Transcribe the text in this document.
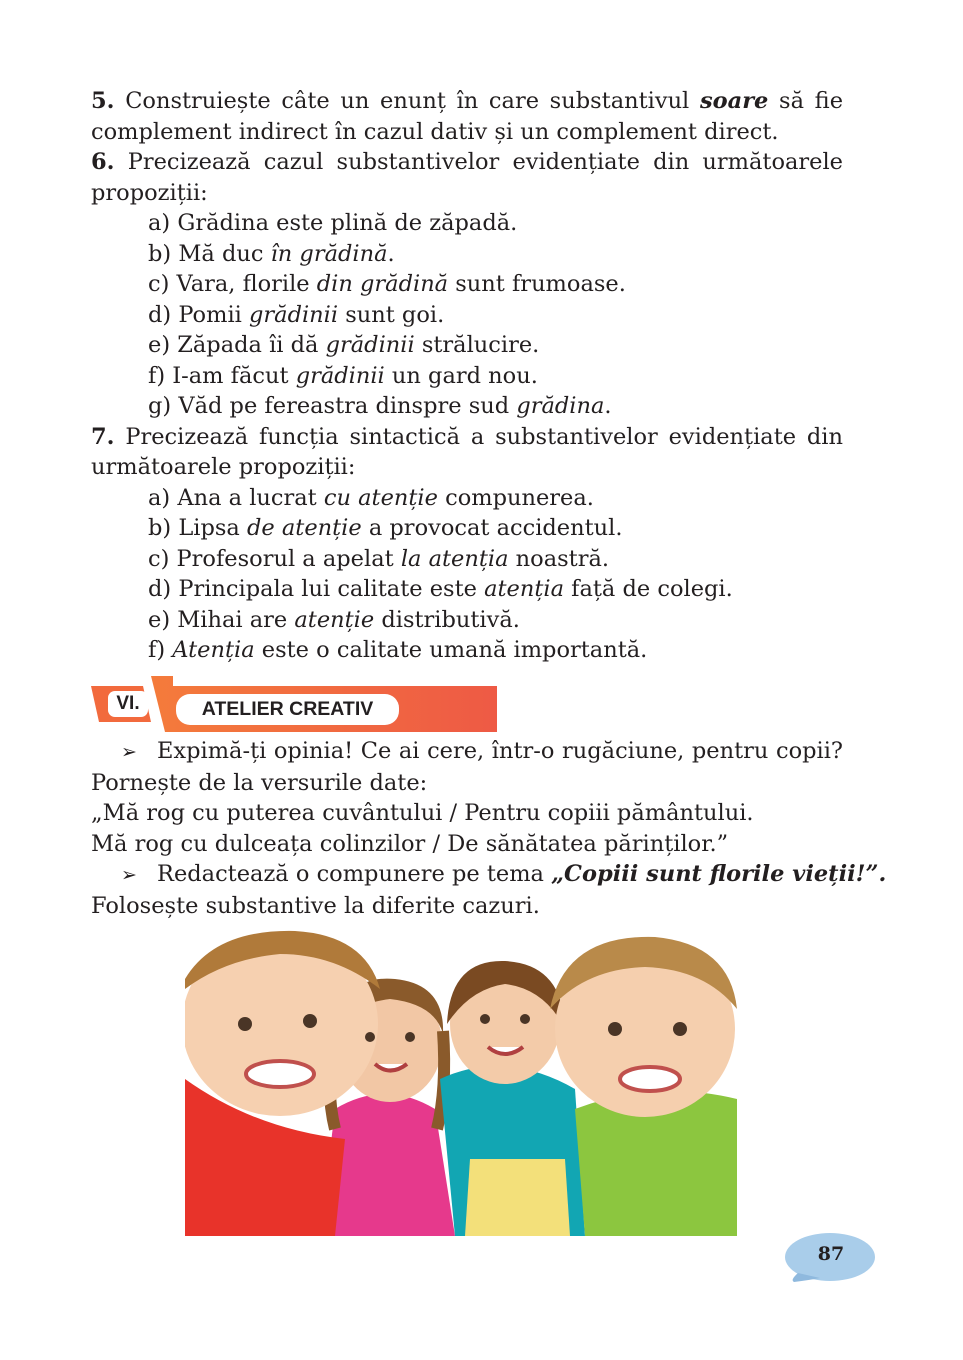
5. Construiește câte un enunț în care substantivul soare să fie
complement indirect în cazul dativ și un complement direct.
6. Precizează cazul substantivelor evidențiate din următoarele
propoziții:
a) Grădina este plină de zăpadă.
b) Mă duc în grădină.
c) Vara, florile din grădină sunt frumoase.
d) Pomii grădinii sunt goi.
e) Zăpada îi dă grădinii strălucire.
f) I-am făcut grădinii un gard nou.
g) Văd pe fereastra dinspre sud grădina.
7. Precizează funcția sintactică a substantivelor evidențiate din
următoarele propoziții:
a) Ana a lucrat cu atenție compunerea.
b) Lipsa de atenție a provocat accidentul.
c) Profesorul a apelat la atenția noastră.
d) Principala lui calitate este atenția față de colegi.
e) Mihai are atenție distributivă.
f) Atenția este o calitate umană importantă.
VI.	ATELIER CREATIV
➢ Expimă-ți opinia! Ce ai cere, într-o rugăciune, pentru copii?
Pornește de la versurile date:
„Mă rog cu puterea cuvântului / Pentru copiii pământului.
Mă rog cu dulceața colinzilor / De sănătatea părinților.”
➢ Redactează o compunere pe tema „Copiii sunt florile vieții!”.
Folosește substantive la diferite cazuri.
87
